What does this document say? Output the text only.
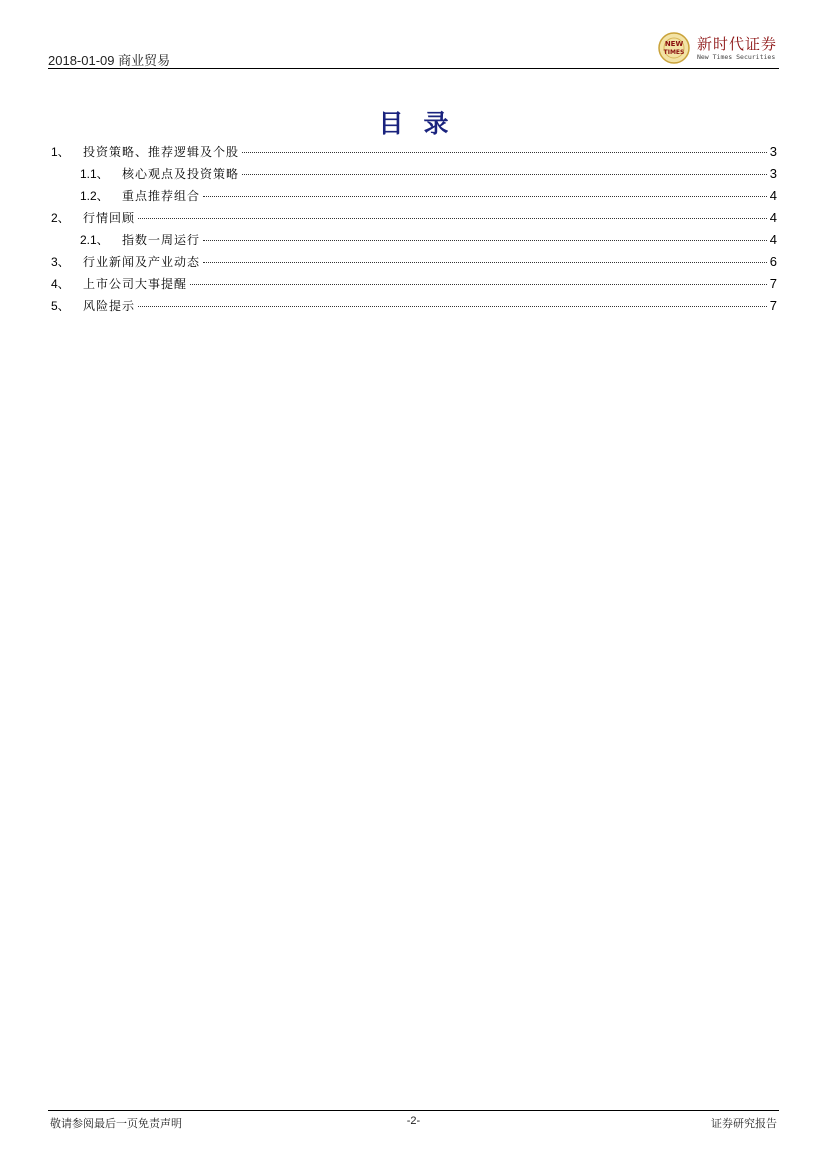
2018-01-09 商业贸易
NEW
TIMES 新时代证券
New Times Securities
目录
1、	投资策略、推荐逻辑及个股	3
1.1、	核心观点及投资策略	3
1.2、	重点推荐组合	4
2、	行情回顾	4
2.1、	指数一周运行	4
3、	行业新闻及产业动态	6
4、	上市公司大事提醒	7
5、	风险提示	7
敬请参阅最后一页免责声明	-2-	证券研究报告
